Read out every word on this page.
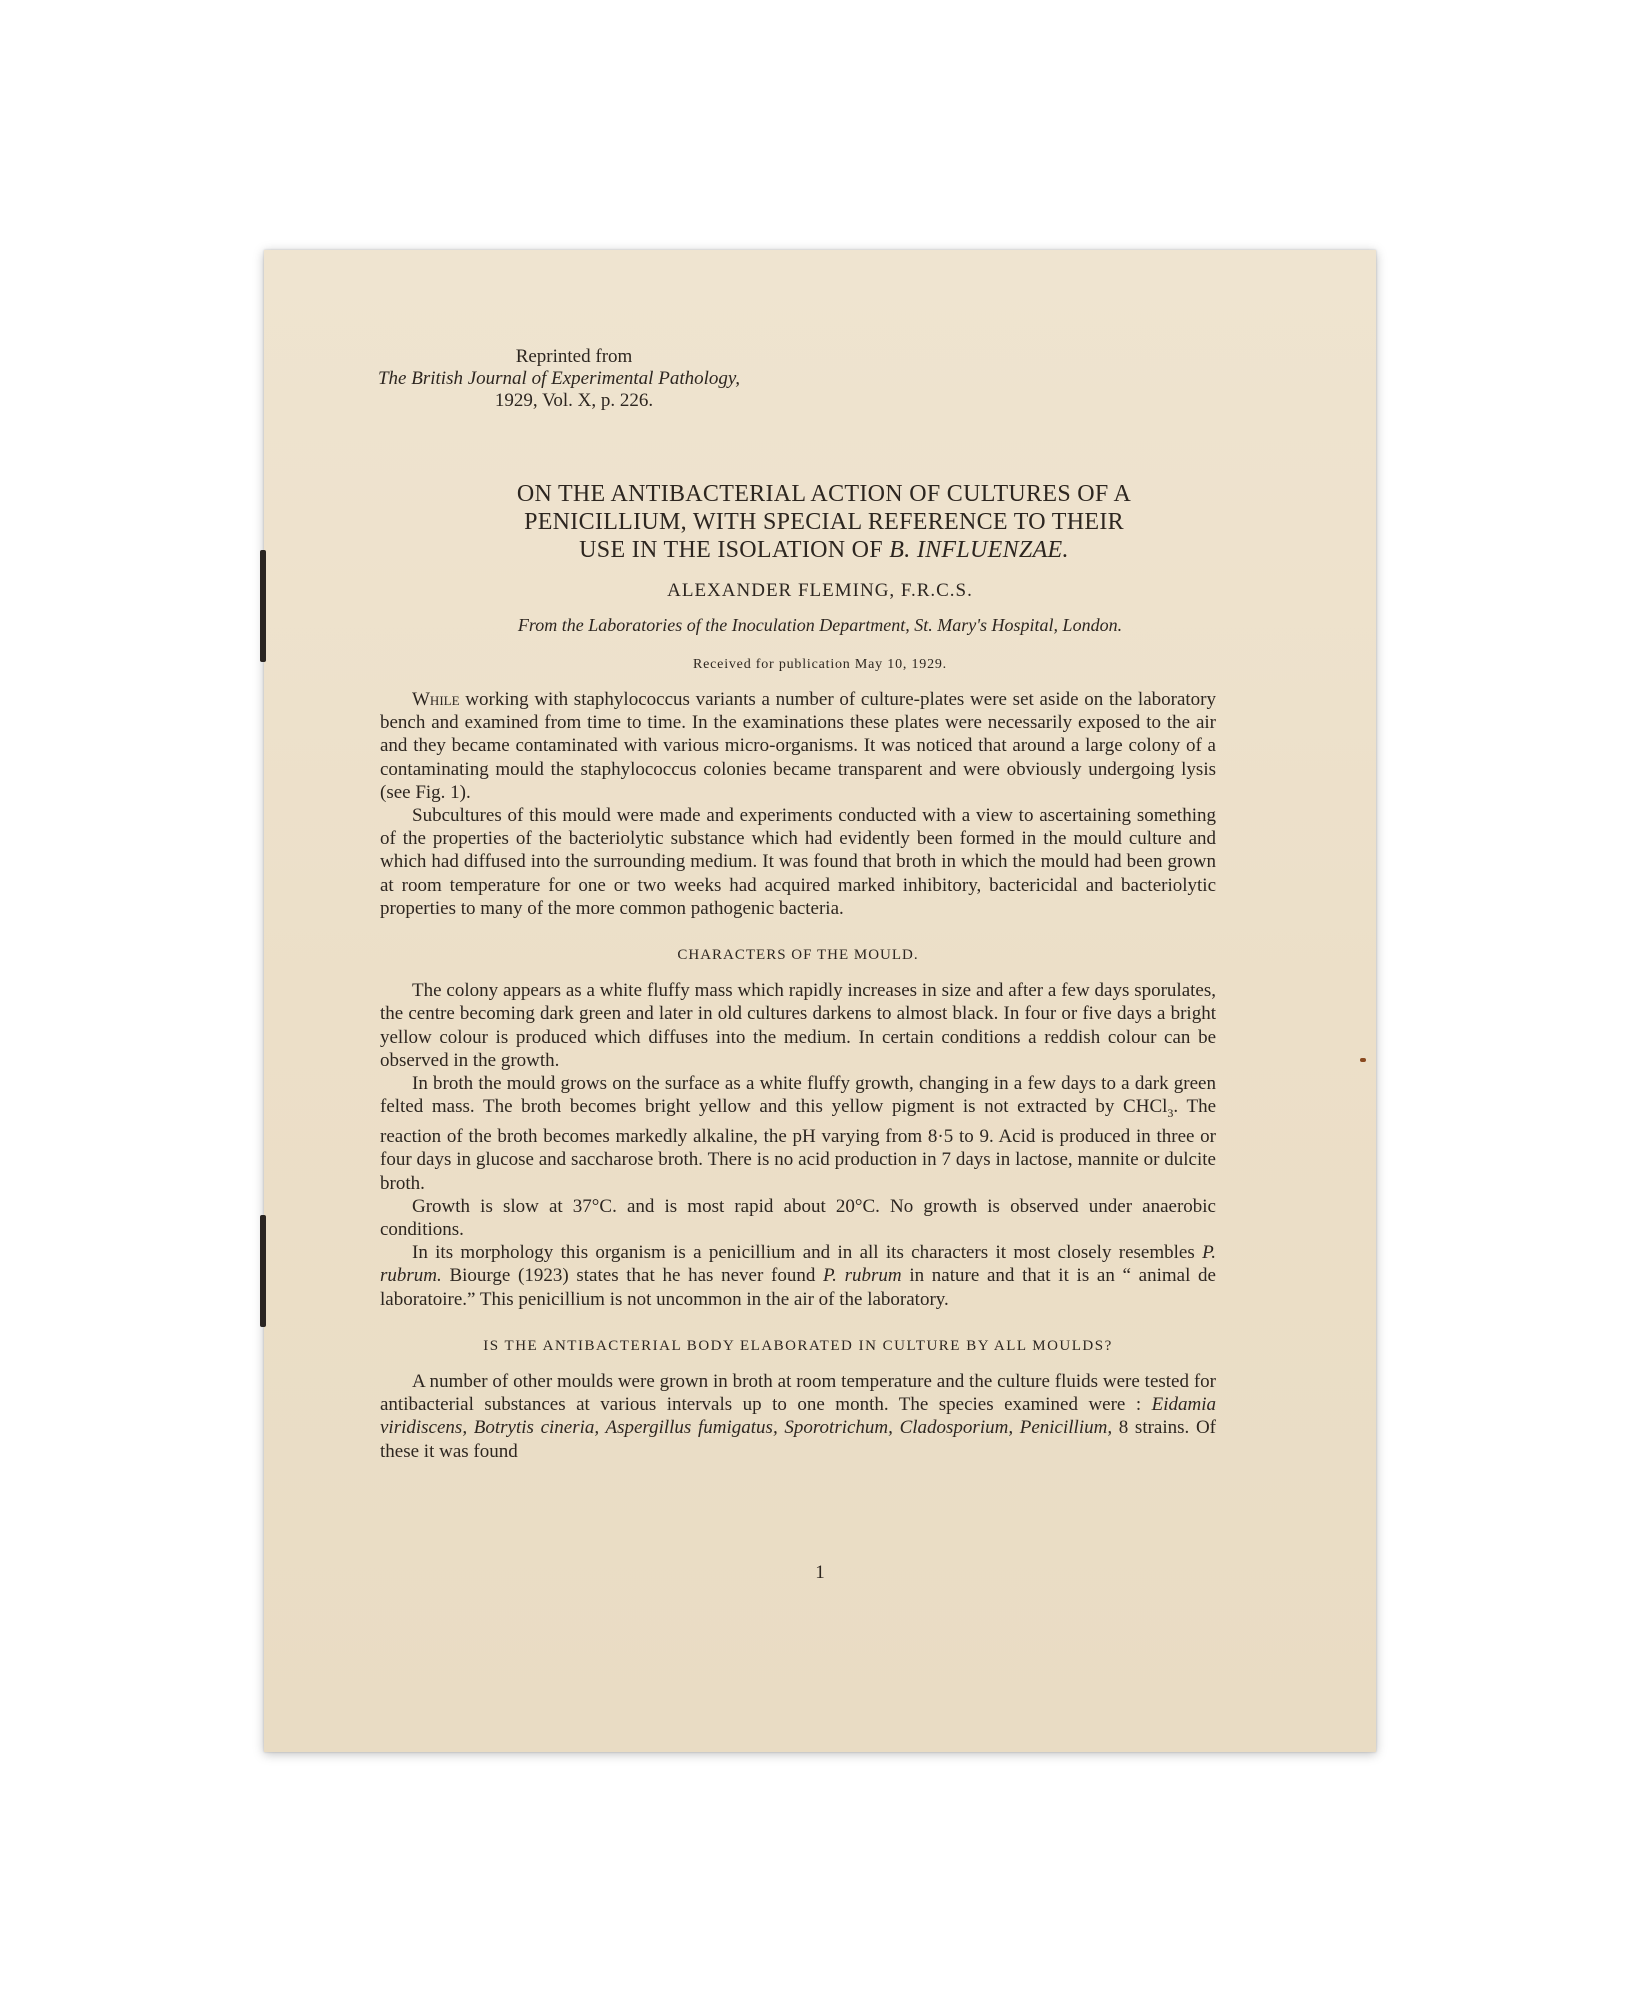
Reprinted from
The British Journal of Experimental Pathology,
1929, Vol. X, p. 226.
ON THE ANTIBACTERIAL ACTION OF CULTURES OF A
PENICILLIUM, WITH SPECIAL REFERENCE TO THEIR
USE IN THE ISOLATION OF B. INFLUENZAE.
ALEXANDER FLEMING, F.R.C.S.
From the Laboratories of the Inoculation Department, St. Mary's Hospital, London.
Received for publication May 10, 1929.

While working with staphylococcus variants a number of culture-plates were set aside on the laboratory bench and examined from time to time. In the examinations these plates were necessarily exposed to the air and they became contaminated with various micro-organisms. It was noticed that around a large colony of a contaminating mould the staphylococcus colonies became transparent and were obviously undergoing lysis (see Fig. 1).

Subcultures of this mould were made and experiments conducted with a view to ascertaining something of the properties of the bacteriolytic substance which had evidently been formed in the mould culture and which had diffused into the surrounding medium. It was found that broth in which the mould had been grown at room temperature for one or two weeks had acquired marked inhibitory, bactericidal and bacteriolytic properties to many of the more common pathogenic bacteria.

CHARACTERS OF THE MOULD.

The colony appears as a white fluffy mass which rapidly increases in size and after a few days sporulates, the centre becoming dark green and later in old cultures darkens to almost black. In four or five days a bright yellow colour is produced which diffuses into the medium. In certain conditions a reddish colour can be observed in the growth.

In broth the mould grows on the surface as a white fluffy growth, changing in a few days to a dark green felted mass. The broth becomes bright yellow and this yellow pigment is not extracted by CHCl$_3$. The reaction of the broth becomes markedly alkaline, the pH varying from 8·5 to 9. Acid is produced in three or four days in glucose and saccharose broth. There is no acid production in 7 days in lactose, mannite or dulcite broth.

Growth is slow at 37°C. and is most rapid about 20°C. No growth is observed under anaerobic conditions.

In its morphology this organism is a penicillium and in all its characters it most closely resembles P. rubrum. Biourge (1923) states that he has never found P. rubrum in nature and that it is an “ animal de laboratoire.” This penicillium is not uncommon in the air of the laboratory.

IS THE ANTIBACTERIAL BODY ELABORATED IN CULTURE BY ALL MOULDS?

A number of other moulds were grown in broth at room temperature and the culture fluids were tested for antibacterial substances at various intervals up to one month. The species examined were : Eidamia viridiscens, Botrytis cineria, Aspergillus fumigatus, Sporotrichum, Cladosporium, Penicillium, 8 strains. Of these it was found

1
